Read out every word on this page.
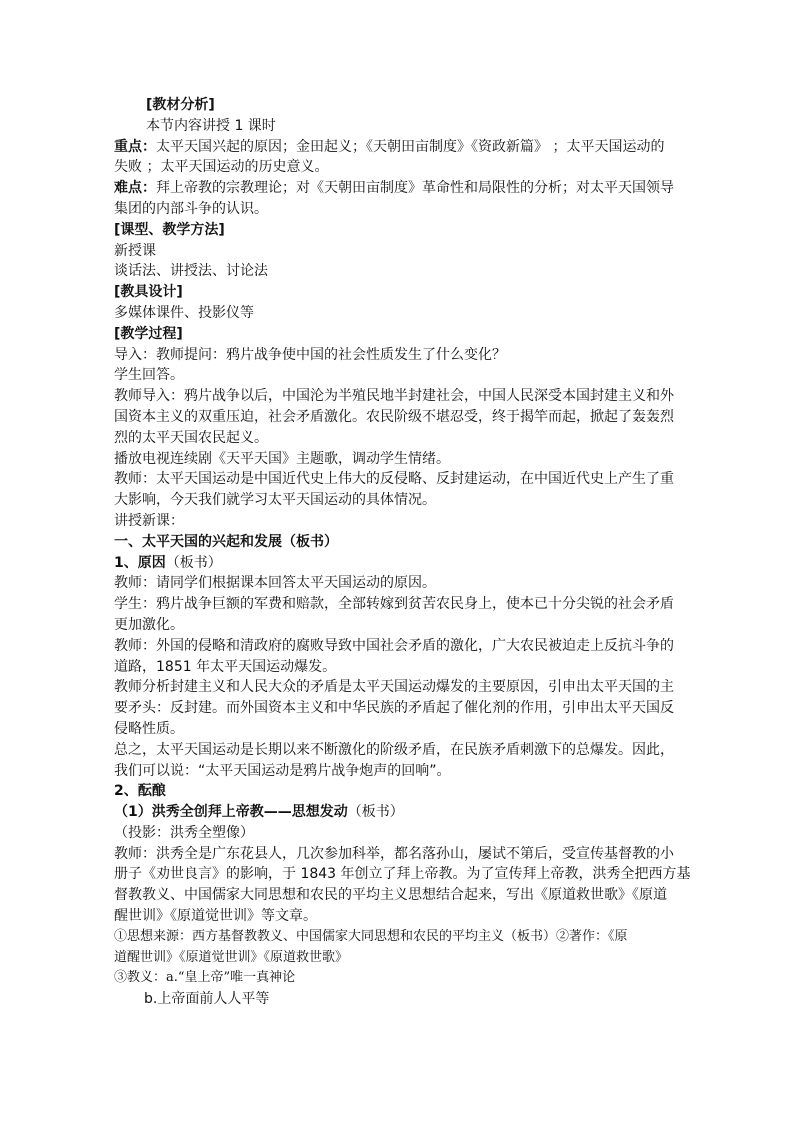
[教材分析]
本节内容讲授 1 课时
重点：太平天国兴起的原因；金田起义；《天朝田亩制度》《资政新篇》 ；太平天国运动的
失败 ；太平天国运动的历史意义。
难点：拜上帝教的宗教理论；对《天朝田亩制度》革命性和局限性的分析；对太平天国领导
集团的内部斗争的认识。
[课型、教学方法]
新授课
谈话法、讲授法、讨论法
[教具设计]
多媒体课件、投影仪等
[教学过程]
导入：教师提问：鸦片战争使中国的社会性质发生了什么变化？
学生回答。
教师导入：鸦片战争以后，中国沦为半殖民地半封建社会，中国人民深受本国封建主义和外
国资本主义的双重压迫，社会矛盾激化。农民阶级不堪忍受，终于揭竿而起，掀起了轰轰烈
烈的太平天国农民起义。
播放电视连续剧《天平天国》主题歌，调动学生情绪。
教师：太平天国运动是中国近代史上伟大的反侵略、反封建运动，在中国近代史上产生了重
大影响，今天我们就学习太平天国运动的具体情况。
讲授新课：
一、太平天国的兴起和发展（板书）
1、原因（板书）
教师：请同学们根据课本回答太平天国运动的原因。
学生：鸦片战争巨额的军费和赔款，全部转嫁到贫苦农民身上，使本已十分尖锐的社会矛盾
更加激化。
教师：外国的侵略和清政府的腐败导致中国社会矛盾的激化，广大农民被迫走上反抗斗争的
道路，1851 年太平天国运动爆发。
教师分析封建主义和人民大众的矛盾是太平天国运动爆发的主要原因，引申出太平天国的主
要矛头：反封建。而外国资本主义和中华民族的矛盾起了催化剂的作用，引申出太平天国反
侵略性质。
总之，太平天国运动是长期以来不断激化的阶级矛盾，在民族矛盾刺激下的总爆发。因此，
我们可以说：“太平天国运动是鸦片战争炮声的回响”。
2、酝酿
（1）洪秀全创拜上帝教——思想发动（板书）
（投影：洪秀全塑像）
教师：洪秀全是广东花县人，几次参加科举，都名落孙山，屡试不第后，受宣传基督教的小
册子《劝世良言》的影响，于 1843 年创立了拜上帝教。为了宣传拜上帝教，洪秀全把西方基
督教教义、中国儒家大同思想和农民的平均主义思想结合起来，写出《原道救世歌》《原道
醒世训》《原道觉世训》等文章。
①思想来源：西方基督教教义、中国儒家大同思想和农民的平均主义（板书）②著作：《原
道醒世训》《原道觉世训》《原道救世歌》
③教义：a.“皇上帝”唯一真神论
b.上帝面前人人平等
